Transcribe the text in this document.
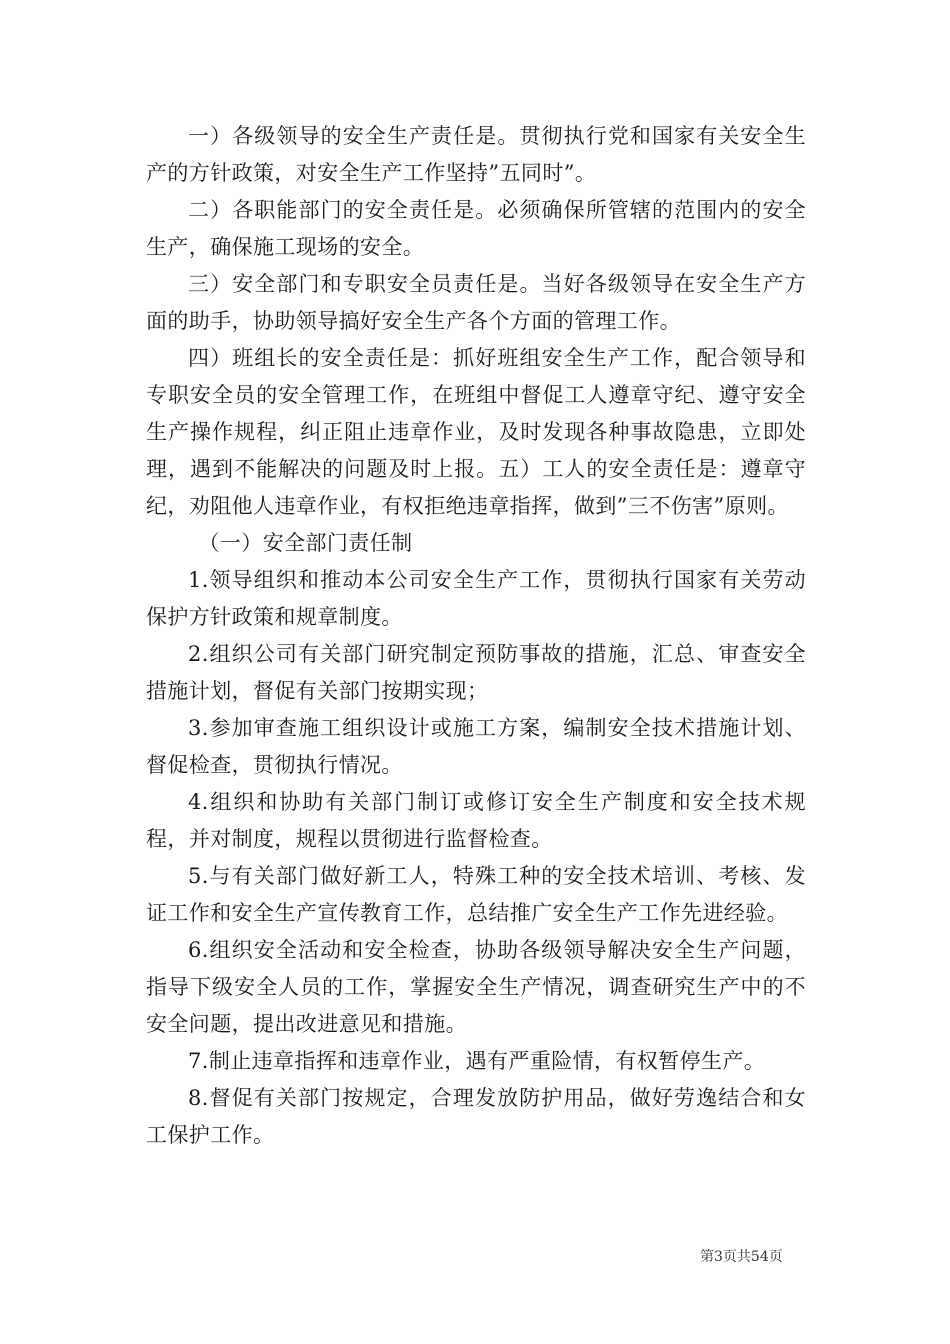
一）各级领导的安全生产责任是。贯彻执行党和国家有关安全生产的方针政策，对安全生产工作坚持”五同时”。

二）各职能部门的安全责任是。必须确保所管辖的范围内的安全生产，确保施工现场的安全。

三）安全部门和专职安全员责任是。当好各级领导在安全生产方面的助手，协助领导搞好安全生产各个方面的管理工作。

四）班组长的安全责任是：抓好班组安全生产工作，配合领导和专职安全员的安全管理工作，在班组中督促工人遵章守纪、遵守安全生产操作规程，纠正阻止违章作业，及时发现各种事故隐患，立即处理，遇到不能解决的问题及时上报。五）工人的安全责任是：遵章守纪，劝阻他人违章作业，有权拒绝违章指挥，做到”三不伤害”原则。

（一）安全部门责任制

1.领导组织和推动本公司安全生产工作，贯彻执行国家有关劳动保护方针政策和规章制度。

2.组织公司有关部门研究制定预防事故的措施，汇总、审查安全措施计划，督促有关部门按期实现；

3.参加审查施工组织设计或施工方案，编制安全技术措施计划、督促检查，贯彻执行情况。

4.组织和协助有关部门制订或修订安全生产制度和安全技术规程，并对制度，规程以贯彻进行监督检查。

5.与有关部门做好新工人，特殊工种的安全技术培训、考核、发证工作和安全生产宣传教育工作，总结推广安全生产工作先进经验。

6.组织安全活动和安全检查，协助各级领导解决安全生产问题，指导下级安全人员的工作，掌握安全生产情况，调查研究生产中的不安全问题，提出改进意见和措施。

7.制止违章指挥和违章作业，遇有严重险情，有权暂停生产。

8.督促有关部门按规定，合理发放防护用品，做好劳逸结合和女工保护工作。

第3页共54页
